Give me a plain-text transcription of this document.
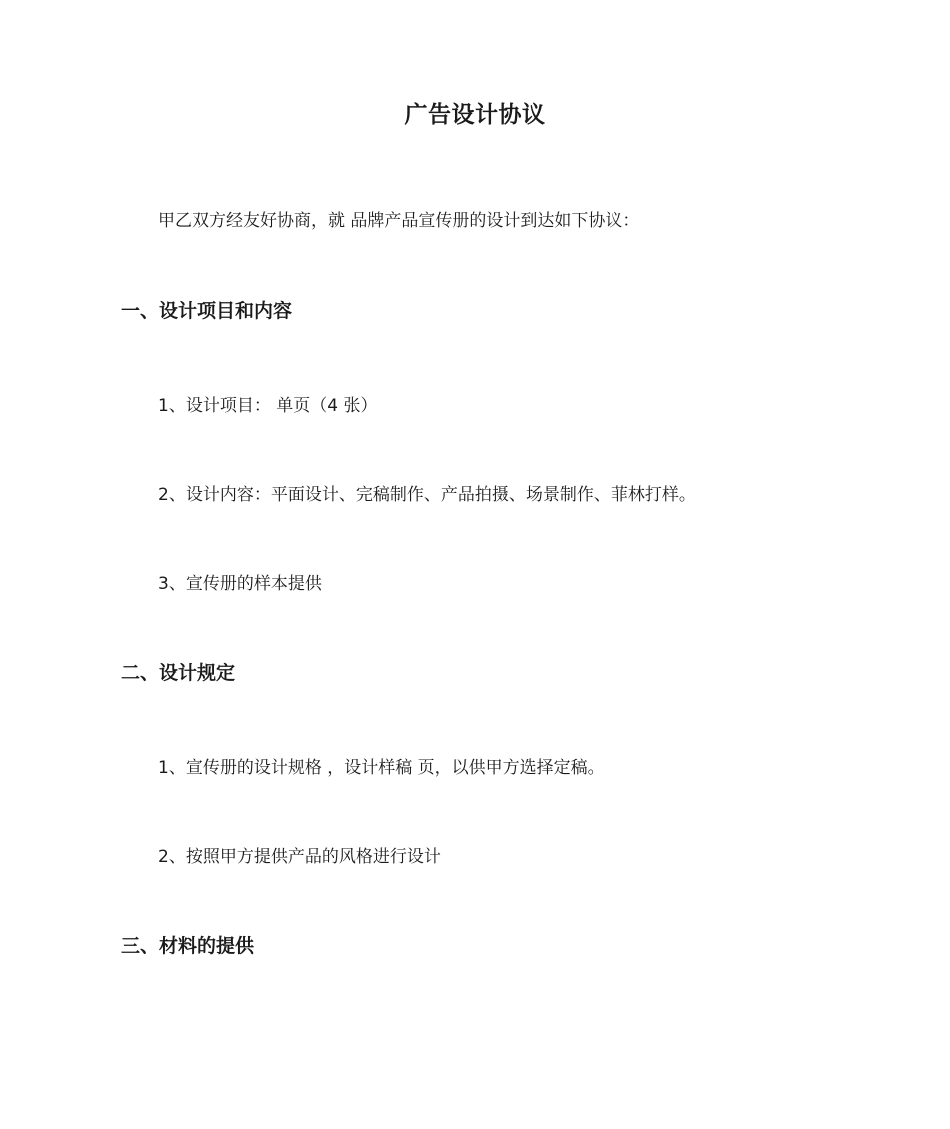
广告设计协议
甲乙双方经友好协商，就 品牌产品宣传册的设计到达如下协议：
一、设计项目和内容
1、设计项目： 单页（4 张）
2、设计内容：平面设计、完稿制作、产品拍摄、场景制作、菲林打样。
3、宣传册的样本提供
二、设计规定
1、宣传册的设计规格 ，设计样稿 页，以供甲方选择定稿。
2、按照甲方提供产品的风格进行设计
三、材料的提供
